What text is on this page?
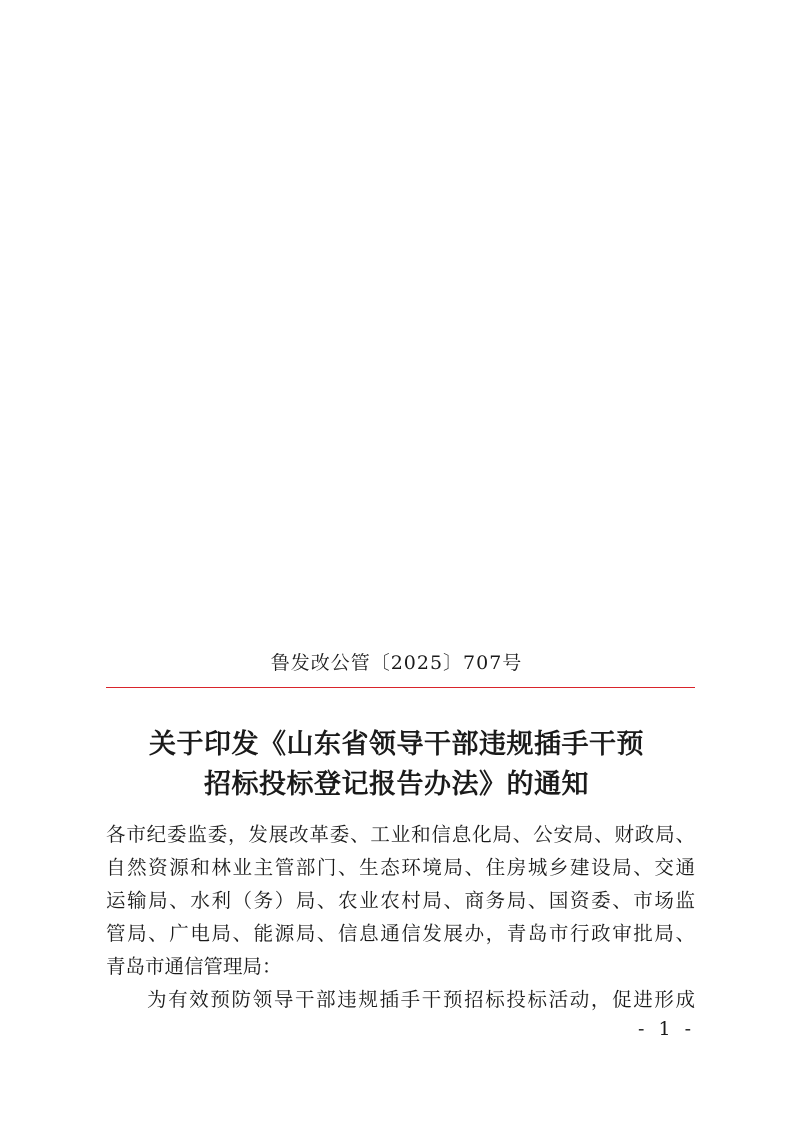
鲁发改公管〔2025〕707号
关于印发《山东省领导干部违规插手干预
招标投标登记报告办法》的通知
各市纪委监委，发展改革委、工业和信息化局、公安局、财政局、
自然资源和林业主管部门、生态环境局、住房城乡建设局、交通
运输局、水利（务）局、农业农村局、商务局、国资委、市场监
管局、广电局、能源局、信息通信发展办，青岛市行政审批局、
青岛市通信管理局：
为有效预防领导干部违规插手干预招标投标活动，促进形成
- 1 -
